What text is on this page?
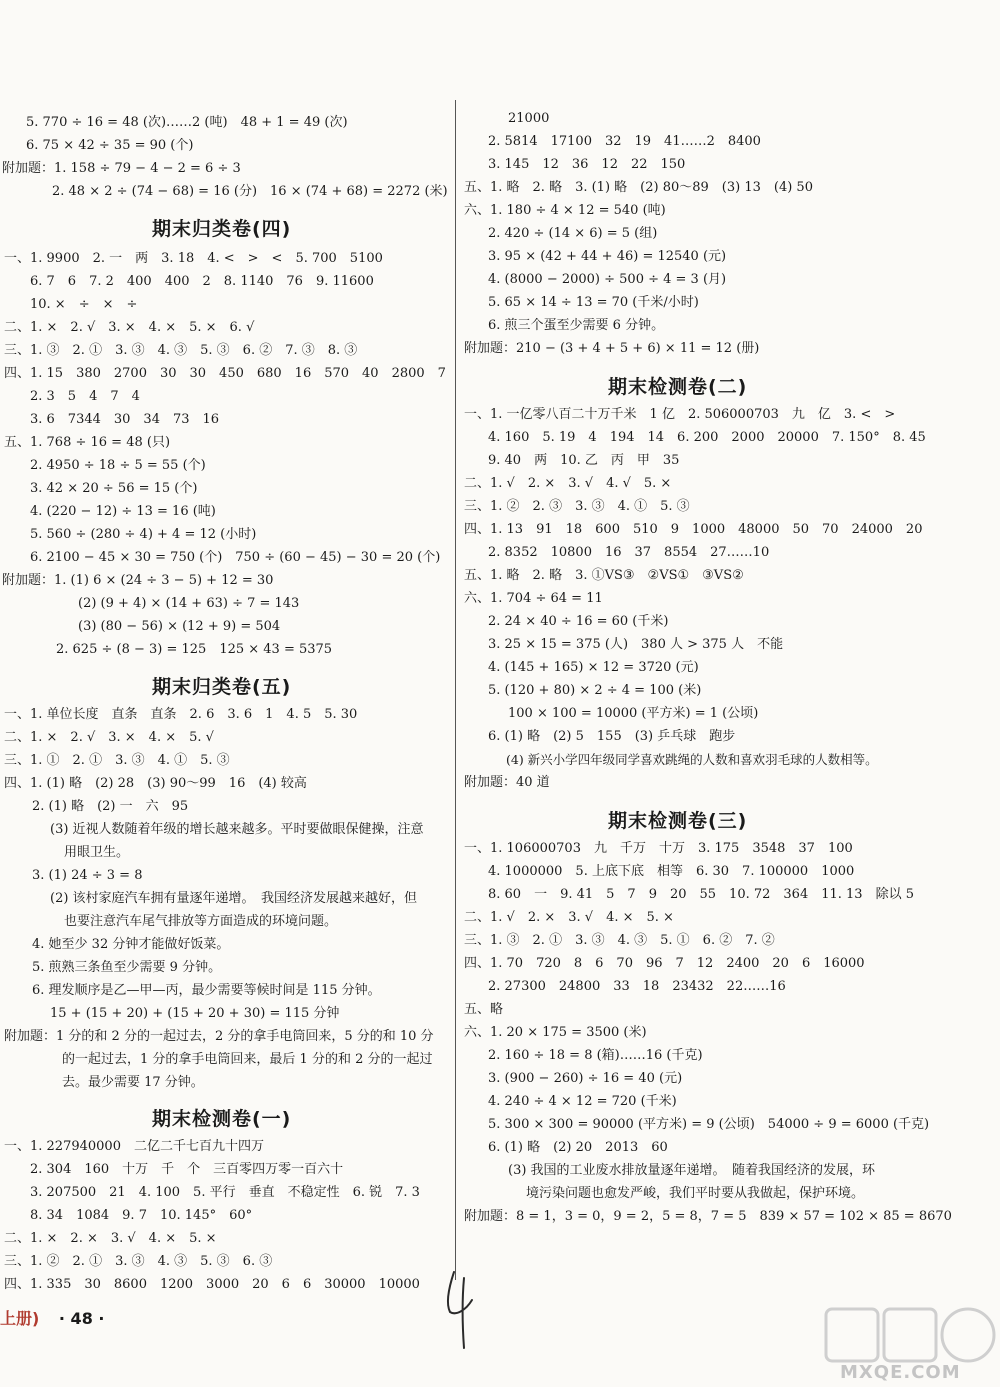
5. 770 ÷ 16 = 48 (次)……2 (吨)　48 + 1 = 49 (次)
6. 75 × 42 ÷ 35 = 90 (个)
附加题：1. 158 ÷ 79 − 4 − 2 = 6 ÷ 3
2. 48 × 2 ÷ (74 − 68) = 16 (分)　16 × (74 + 68) = 2272 (米)
期末归类卷(四)
一、1. 9900　2. 一　两　3. 18　4. <　>　<　5. 700　5100
6. 7　6　7. 2　400　400　2　8. 1140　76　9. 11600
10. ×　÷　×　÷
二、1. ×　2. √　3. ×　4. ×　5. ×　6. √
三、1. ③　2. ①　3. ③　4. ③　5. ③　6. ②　7. ③　8. ③
四、1. 15　380　2700　30　30　450　680　16　570　40　2800　7
2. 3　5　4　7　4
3. 6　7344　30　34　73　16
五、1. 768 ÷ 16 = 48 (只)
2. 4950 ÷ 18 ÷ 5 = 55 (个)
3. 42 × 20 ÷ 56 = 15 (个)
4. (220 − 12) ÷ 13 = 16 (吨)
5. 560 ÷ (280 ÷ 4) + 4 = 12 (小时)
6. 2100 − 45 × 30 = 750 (个)　750 ÷ (60 − 45) − 30 = 20 (个)
附加题：1. (1) 6 × (24 ÷ 3 − 5) + 12 = 30
(2) (9 + 4) × (14 + 63) ÷ 7 = 143
(3) (80 − 56) × (12 + 9) = 504
2. 625 ÷ (8 − 3) = 125　125 × 43 = 5375
期末归类卷(五)
一、1. 单位长度　直条　直条　2. 6　3. 6　1　4. 5　5. 30
二、1. ×　2. √　3. ×　4. ×　5. √
三、1. ①　2. ①　3. ③　4. ①　5. ③
四、1. (1) 略　(2) 28　(3) 90～99　16　(4) 较高
2. (1) 略　(2) 一　六　95
(3) 近视人数随着年级的增长越来越多。平时要做眼保健操，注意
用眼卫生。
3. (1) 24 ÷ 3 = 8
(2) 该村家庭汽车拥有量逐年递增。　我国经济发展越来越好，但
也要注意汽车尾气排放等方面造成的环境问题。
4. 她至少 32 分钟才能做好饭菜。
5. 煎熟三条鱼至少需要 9 分钟。
6. 理发顺序是乙—甲—丙，最少需要等候时间是 115 分钟。
15 + (15 + 20) + (15 + 20 + 30) = 115 分钟
附加题：1 分的和 2 分的一起过去，2 分的拿手电筒回来，5 分的和 10 分
的一起过去，1 分的拿手电筒回来，最后 1 分的和 2 分的一起过
去。最少需要 17 分钟。
期末检测卷(一)
一、1. 227940000　二亿二千七百九十四万
2. 304　160　十万　千　个　三百零四万零一百六十
3. 207500　21　4. 100　5. 平行　垂直　不稳定性　6. 锐　7. 3
8. 34　1084　9. 7　10. 145°　60°
二、1. ×　2. ×　3. √　4. ×　5. ×
三、1. ②　2. ①　3. ③　4. ③　5. ③　6. ③
四、1. 335　30　8600　1200　3000　20　6　6　30000　10000
21000
2. 5814　17100　32　19　41……2　8400
3. 145　12　36　12　22　150
五、1. 略　2. 略　3. (1) 略　(2) 80～89　(3) 13　(4) 50
六、1. 180 ÷ 4 × 12 = 540 (吨)
2. 420 ÷ (14 × 6) = 5 (组)
3. 95 × (42 + 44 + 46) = 12540 (元)
4. (8000 − 2000) ÷ 500 ÷ 4 = 3 (月)
5. 65 × 14 ÷ 13 = 70 (千米/小时)
6. 煎三个蛋至少需要 6 分钟。
附加题：210 − (3 + 4 + 5 + 6) × 11 = 12 (册)
期末检测卷(二)
一、1. 一亿零八百二十万千米　1 亿　2. 506000703　九　亿　3. <　>
4. 160　5. 19　4　194　14　6. 200　2000　20000　7. 150°　8. 45
9. 40　两　10. 乙　丙　甲　35
二、1. √　2. ×　3. √　4. √　5. ×
三、1. ②　2. ③　3. ③　4. ①　5. ③
四、1. 13　91　18　600　510　9　1000　48000　50　70　24000　20
2. 8352　10800　16　37　8554　27……10
五、1. 略　2. 略　3. ①VS③　②VS①　③VS②
六、1. 704 ÷ 64 = 11
2. 24 × 40 ÷ 16 = 60 (千米)
3. 25 × 15 = 375 (人)　380 人 > 375 人　不能
4. (145 + 165) × 12 = 3720 (元)
5. (120 + 80) × 2 ÷ 4 = 100 (米)
100 × 100 = 10000 (平方米) = 1 (公顷)
6. (1) 略　(2) 5　155　(3) 乒乓球　跑步
(4) 新兴小学四年级同学喜欢跳绳的人数和喜欢羽毛球的人数相等。
附加题：40 道
期末检测卷(三)
一、1. 106000703　九　千万　十万　3. 175　3548　37　100
4. 1000000　5. 上底下底　相等　6. 30　7. 100000　1000
8. 60　一　9. 41　5　7　9　20　55　10. 72　364　11. 13　除以 5
二、1. √　2. ×　3. √　4. ×　5. ×
三、1. ③　2. ①　3. ③　4. ③　5. ①　6. ②　7. ②
四、1. 70　720　8　6　70　96　7　12　2400　20　6　16000
2. 27300　24800　33　18　23432　22……16
五、略
六、1. 20 × 175 = 3500 (米)
2. 160 ÷ 18 = 8 (箱)……16 (千克)
3. (900 − 260) ÷ 16 = 40 (元)
4. 240 ÷ 4 × 12 = 720 (千米)
5. 300 × 300 = 90000 (平方米) = 9 (公顷)　54000 ÷ 9 = 6000 (千克)
6. (1) 略　(2) 20　2013　60
(3) 我国的工业废水排放量逐年递增。　随着我国经济的发展，环
境污染问题也愈发严峻，我们平时要从我做起，保护环境。
附加题：8 = 1，3 = 0，9 = 2，5 = 8，7 = 5　839 × 57 = 102 × 85 = 8670
上册) · 48 ·
MXQE.COM
